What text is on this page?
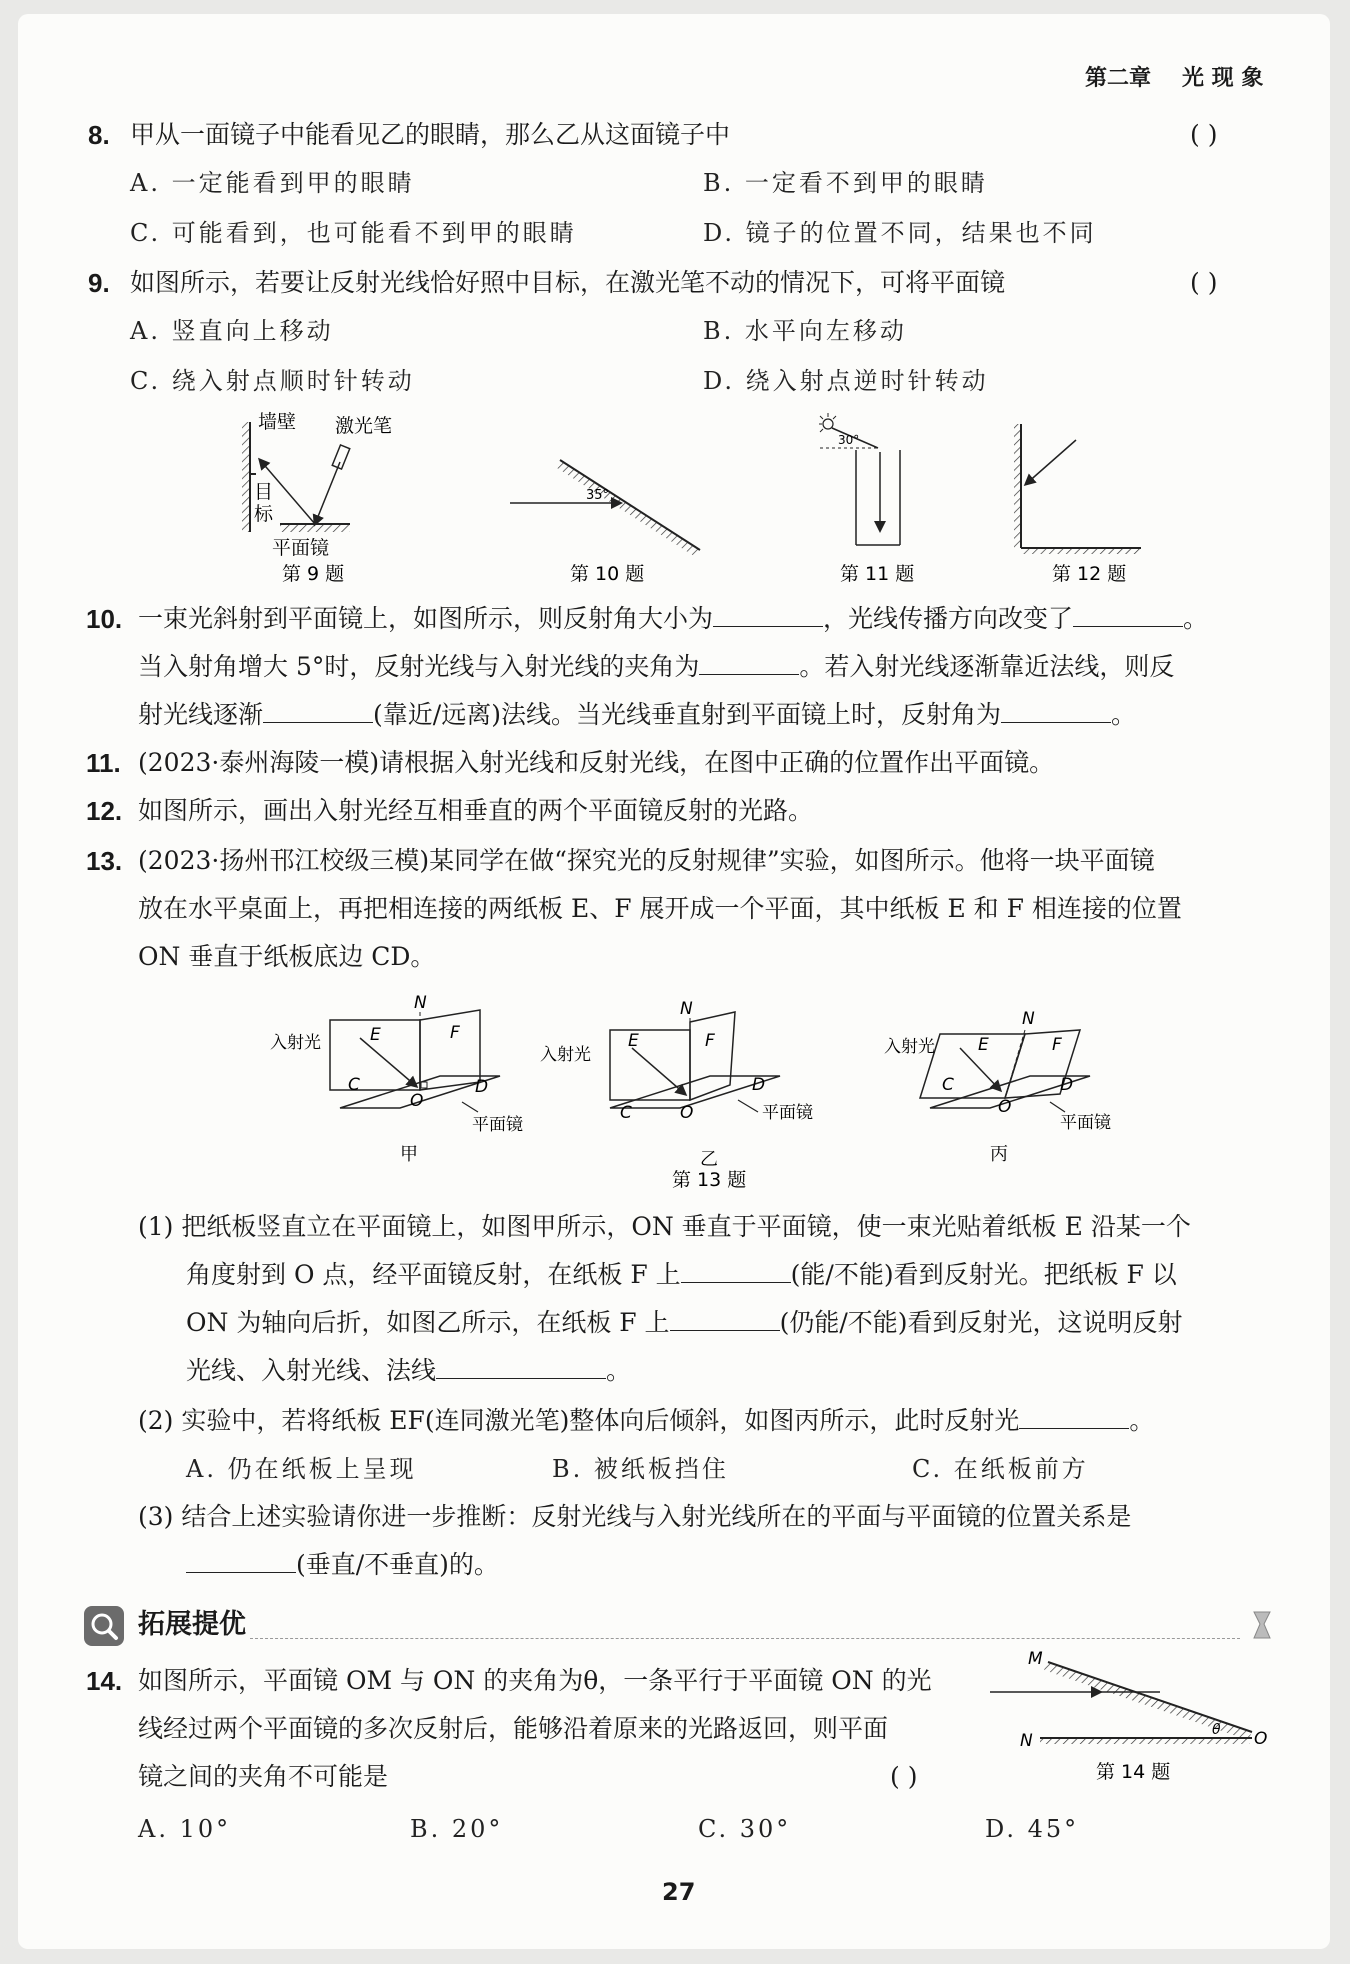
第二章 光 现 象
8. 甲从一面镜子中能看见乙的眼睛，那么乙从这面镜子中	( )
A. 一定能看到甲的眼睛	B. 一定看不到甲的眼睛
C. 可能看到，也可能看不到甲的眼睛	D. 镜子的位置不同，结果也不同
9. 如图所示，若要让反射光线恰好照中目标，在激光笔不动的情况下，可将平面镜	( )
A. 竖直向上移动	B. 水平向左移动
C. 绕入射点顺时针转动	D. 绕入射点逆时针转动
墙壁 激光笔
目
标
平面镜
第 9 题
35°
第 10 题
30°
第 11 题	第 12 题
10. 一束光斜射到平面镜上，如图所示，则反射角大小为	，光线传播方向改变了	。
当入射角增大 5°时，反射光线与入射光线的夹角为	。若入射光线逐渐靠近法线，则反
射光线逐渐	(靠近/远离)法线。当光线垂直射到平面镜上时，反射角为	。
11. (2023·泰州海陵一模)请根据入射光线和反射光线，在图中正确的位置作出平面镜。
12. 如图所示，画出入射光经互相垂直的两个平面镜反射的光路。
13. (2023·扬州邗江校级三模)某同学在做“探究光的反射规律”实验，如图所示。他将一块平面镜
放在水平桌面上，再把相连接的两纸板 E、F 展开成一个平面，其中纸板 E 和 F 相连接的位置
ON 垂直于纸板底边 CD。
N
E	F
C	D
O
入射光
平面镜
甲
N
E	F
C	O
D
入射光
平面镜
乙
第 13 题
N
E	F
C	D
O
入射光
平面镜
丙
(1) 把纸板竖直立在平面镜上，如图甲所示，ON 垂直于平面镜，使一束光贴着纸板 E 沿某一个
角度射到 O 点，经平面镜反射，在纸板 F 上	(能/不能)看到反射光。把纸板 F 以
ON 为轴向后折，如图乙所示，在纸板 F 上	(仍能/不能)看到反射光，这说明反射
光线、入射光线、法线	。
(2) 实验中，若将纸板 EF(连同激光笔)整体向后倾斜，如图丙所示，此时反射光	。
A. 仍在纸板上呈现	B. 被纸板挡住	C. 在纸板前方
(3) 结合上述实验请你进一步推断：反射光线与入射光线所在的平面与平面镜的位置关系是
(垂直/不垂直)的。
拓展提优
14. 如图所示，平面镜 OM 与 ON 的夹角为θ，一条平行于平面镜 ON 的光
线经过两个平面镜的多次反射后，能够沿着原来的光路返回，则平面
镜之间的夹角不可能是	( )
A. 10°	B. 20°	C. 30°	D. 45°
M
N	O
θ
第 14 题
27
